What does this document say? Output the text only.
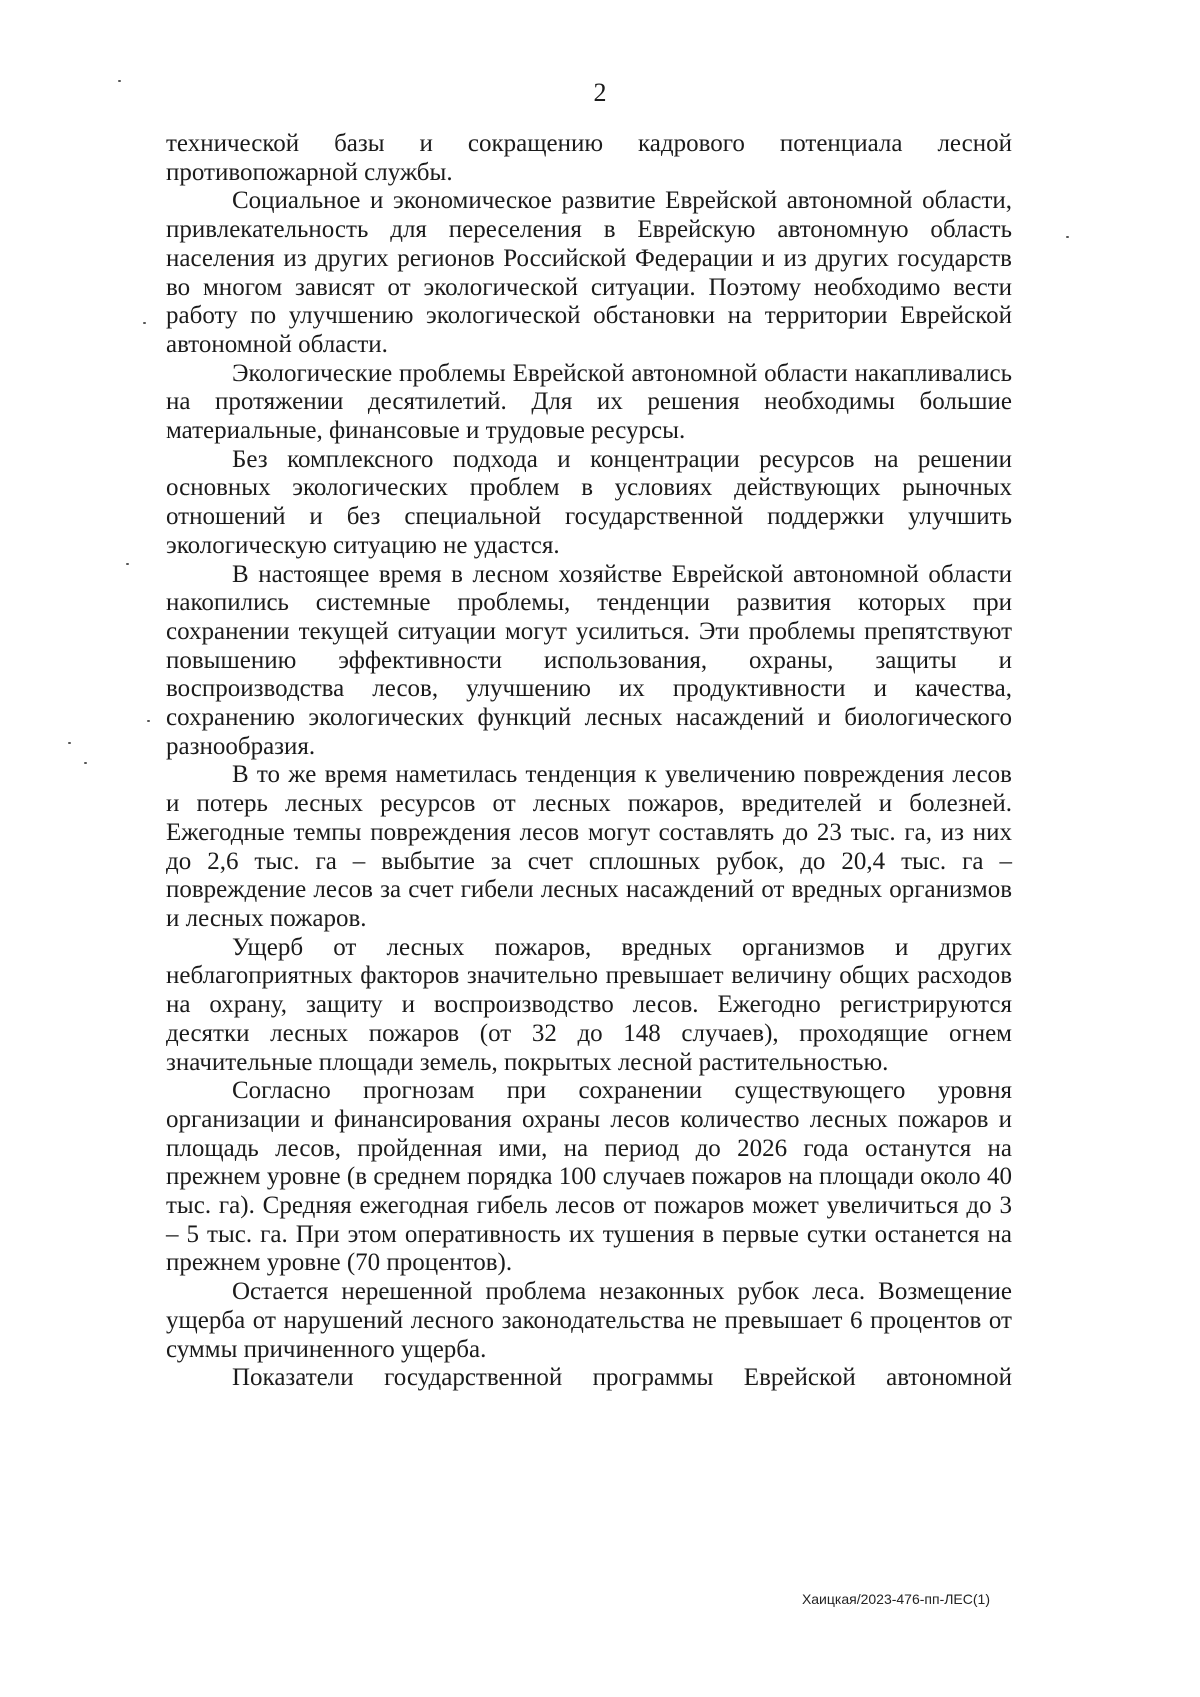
2

технической базы и сокращению кадрового потенциала лесной противопожарной службы.

Социальное и экономическое развитие Еврейской автономной области, привлекательность для переселения в Еврейскую автономную область населения из других регионов Российской Федерации и из других государств во многом зависят от экологической ситуации. Поэтому необходимо вести работу по улучшению экологической обстановки на территории Еврейской автономной области.

Экологические проблемы Еврейской автономной области накапливались на протяжении десятилетий. Для их решения необходимы большие материальные, финансовые и трудовые ресурсы.

Без комплексного подхода и концентрации ресурсов на решении основных экологических проблем в условиях действующих рыночных отношений и без специальной государственной поддержки улучшить экологическую ситуацию не удастся.

В настоящее время в лесном хозяйстве Еврейской автономной области накопились системные проблемы, тенденции развития которых при сохранении текущей ситуации могут усилиться. Эти проблемы препятствуют повышению эффективности использования, охраны, защиты и воспроизводства лесов, улучшению их продуктивности и качества, сохранению экологических функций лесных насаждений и биологического разнообразия.

В то же время наметилась тенденция к увеличению повреждения лесов и потерь лесных ресурсов от лесных пожаров, вредителей и болезней. Ежегодные темпы повреждения лесов могут составлять до 23 тыс. га, из них до 2,6 тыс. га – выбытие за счет сплошных рубок, до 20,4 тыс. га – повреждение лесов за счет гибели лесных насаждений от вредных организмов и лесных пожаров.

Ущерб от лесных пожаров, вредных организмов и других неблагоприятных факторов значительно превышает величину общих расходов на охрану, защиту и воспроизводство лесов. Ежегодно регистрируются десятки лесных пожаров (от 32 до 148 случаев), проходящие огнем значительные площади земель, покрытых лесной растительностью.

Согласно прогнозам при сохранении существующего уровня организации и финансирования охраны лесов количество лесных пожаров и площадь лесов, пройденная ими, на период до 2026 года останутся на прежнем уровне (в среднем порядка 100 случаев пожаров на площади около 40 тыс. га). Средняя ежегодная гибель лесов от пожаров может увеличиться до 3 – 5 тыс. га. При этом оперативность их тушения в первые сутки останется на прежнем уровне (70 процентов).

Остается нерешенной проблема незаконных рубок леса. Возмещение ущерба от нарушений лесного законодательства не превышает 6 процентов от суммы причиненного ущерба.

Показатели государственной программы Еврейской автономной

Хаицкая/2023-476-пп-ЛЕС(1)
